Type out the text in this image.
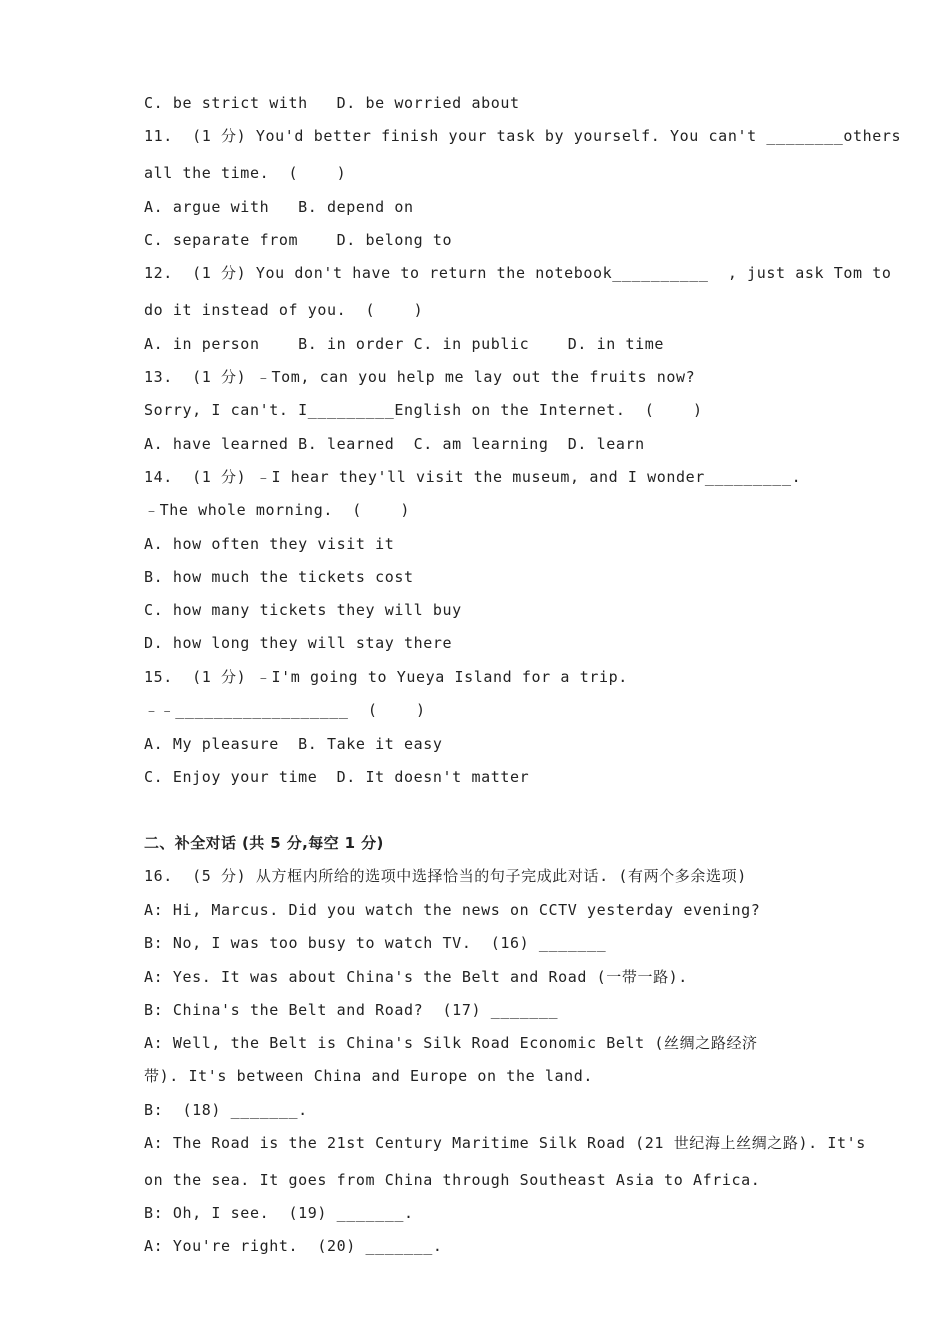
C. be strict with   D. be worried about
11.  (1 分) You'd better finish your task by yourself. You can't ________others
all the time.  (    )
A. argue with   B. depend on
C. separate from    D. belong to
12.  (1 分) You don't have to return the notebook__________  , just ask Tom to
do it instead of you.  (    )
A. in person    B. in order C. in public    D. in time
13.  (1 分) ﹣Tom, can you help me lay out the fruits now?
Sorry, I can't. I_________English on the Internet.  (    )
A. have learned B. learned  C. am learning  D. learn
14.  (1 分) ﹣I hear they'll visit the museum, and I wonder_________.
﹣The whole morning.  (    )
A. how often they visit it
B. how much the tickets cost
C. how many tickets they will buy
D. how long they will stay there
15.  (1 分) ﹣I'm going to Yueya Island for a trip.
﹣﹣__________________  (    )
A. My pleasure  B. Take it easy
C. Enjoy your time  D. It doesn't matter
二、补全对话 (共 5 分,每空 1 分)
16.  (5 分) 从方框内所给的选项中选择恰当的句子完成此对话. (有两个多余选项)
A: Hi, Marcus. Did you watch the news on CCTV yesterday evening?
B: No, I was too busy to watch TV.  (16) _______
A: Yes. It was about China's the Belt and Road (一带一路).
B: China's the Belt and Road?  (17) _______
A: Well, the Belt is China's Silk Road Economic Belt (丝绸之路经济
带). It's between China and Europe on the land.
B:  (18) _______.
A: The Road is the 21st Century Maritime Silk Road (21 世纪海上丝绸之路). It's
on the sea. It goes from China through Southeast Asia to Africa.
B: Oh, I see.  (19) _______.
A: You're right.  (20) _______.
